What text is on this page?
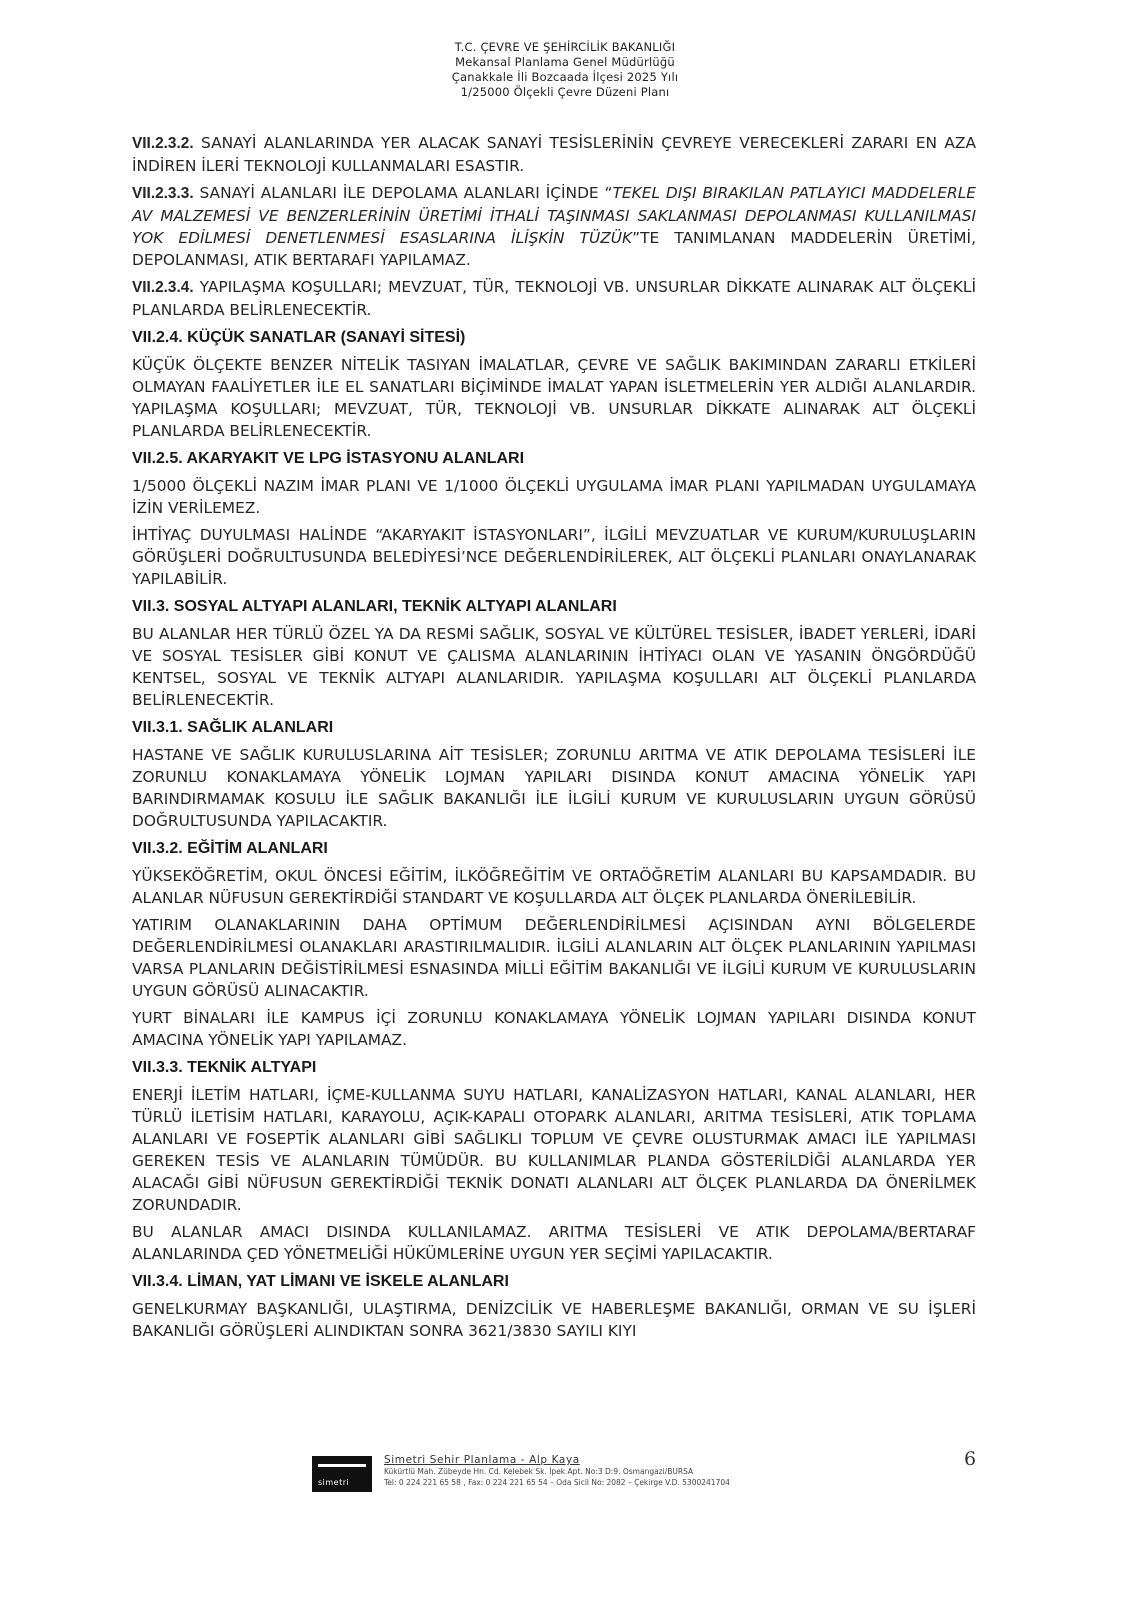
T.C. ÇEVRE VE ŞEHİRCİLİK BAKANLIĞI
Mekansal Planlama Genel Müdürlüğü
Çanakkale İli Bozcaada İlçesi 2025 Yılı
1/25000 Ölçekli Çevre Düzeni Planı

VII.2.3.2. SANAYİ ALANLARINDA YER ALACAK SANAYİ TESİSLERİNİN ÇEVREYE VERECEKLERİ ZARARI EN AZA İNDİREN İLERİ TEKNOLOJİ KULLANMALARI ESASTIR.

VII.2.3.3. SANAYİ ALANLARI İLE DEPOLAMA ALANLARI İÇİNDE “TEKEL DIŞI BIRAKILAN PATLAYICI MADDELERLE AV MALZEMESİ VE BENZERLERİNİN ÜRETİMİ İTHALİ TAŞINMASI SAKLANMASI DEPOLANMASI KULLANILMASI YOK EDİLMESİ DENETLENMESİ ESASLARINA İLİŞKİN TÜZÜK”TE TANIMLANAN MADDELERİN ÜRETİMİ, DEPOLANMASI, ATIK BERTARAFI YAPILAMAZ.

VII.2.3.4. YAPILAŞMA KOŞULLARI; MEVZUAT, TÜR, TEKNOLOJİ VB. UNSURLAR DİKKATE ALINARAK ALT ÖLÇEKLİ PLANLARDA BELİRLENECEKTİR.

VII.2.4. KÜÇÜK SANATLAR (SANAYİ SİTESİ)

KÜÇÜK ÖLÇEKTE BENZER NİTELİK TASIYAN İMALATLAR, ÇEVRE VE SAĞLIK BAKIMINDAN ZARARLI ETKİLERİ OLMAYAN FAALİYETLER İLE EL SANATLARI BİÇİMİNDE İMALAT YAPAN İSLETMELERİN YER ALDIĞI ALANLARDIR. YAPILAŞMA KOŞULLARI; MEVZUAT, TÜR, TEKNOLOJİ VB. UNSURLAR DİKKATE ALINARAK ALT ÖLÇEKLİ PLANLARDA BELİRLENECEKTİR.

VII.2.5. AKARYAKIT VE LPG İSTASYONU ALANLARI

1/5000 ÖLÇEKLİ NAZIM İMAR PLANI VE 1/1000 ÖLÇEKLİ UYGULAMA İMAR PLANI YAPILMADAN UYGULAMAYA İZİN VERİLEMEZ.

İHTİYAÇ DUYULMASI HALİNDE “AKARYAKIT İSTASYONLARI”, İLGİLİ MEVZUATLAR VE KURUM/KURULUŞLARIN GÖRÜŞLERİ DOĞRULTUSUNDA BELEDİYESİ’NCE DEĞERLENDİRİLEREK, ALT ÖLÇEKLİ PLANLARI ONAYLANARAK YAPILABİLİR.

VII.3. SOSYAL ALTYAPI ALANLARI, TEKNİK ALTYAPI ALANLARI

BU ALANLAR HER TÜRLÜ ÖZEL YA DA RESMİ SAĞLIK, SOSYAL VE KÜLTÜREL TESİSLER, İBADET YERLERİ, İDARİ VE SOSYAL TESİSLER GİBİ KONUT VE ÇALISMA ALANLARININ İHTİYACI OLAN VE YASANIN ÖNGÖRDÜĞÜ KENTSEL, SOSYAL VE TEKNİK ALTYAPI ALANLARIDIR. YAPILAŞMA KOŞULLARI ALT ÖLÇEKLİ PLANLARDA BELİRLENECEKTİR.

VII.3.1. SAĞLIK ALANLARI

HASTANE VE SAĞLIK KURULUSLARINA AİT TESİSLER; ZORUNLU ARITMA VE ATIK DEPOLAMA TESİSLERİ İLE ZORUNLU KONAKLAMAYA YÖNELİK LOJMAN YAPILARI DISINDA KONUT AMACINA YÖNELİK YAPI BARINDIRMAMAK KOSULU İLE SAĞLIK BAKANLIĞI İLE İLGİLİ KURUM VE KURULUSLARIN UYGUN GÖRÜSÜ DOĞRULTUSUNDA YAPILACAKTIR.

VII.3.2. EĞİTİM ALANLARI

YÜKSEKÖĞRETİM, OKUL ÖNCESİ EĞİTİM, İLKÖĞREĞİTİM VE ORTAÖĞRETİM ALANLARI BU KAPSAMDADIR. BU ALANLAR NÜFUSUN GEREKTİRDİĞİ STANDART VE KOŞULLARDA ALT ÖLÇEK PLANLARDA ÖNERİLEBİLİR.

YATIRIM OLANAKLARININ DAHA OPTİMUM DEĞERLENDİRİLMESİ AÇISINDAN AYNI BÖLGELERDE DEĞERLENDİRİLMESİ OLANAKLARI ARASTIRILMALIDIR. İLGİLİ ALANLARIN ALT ÖLÇEK PLANLARININ YAPILMASI VARSA PLANLARIN DEĞİSTİRİLMESİ ESNASINDA MİLLİ EĞİTİM BAKANLIĞI VE İLGİLİ KURUM VE KURULUSLARIN UYGUN GÖRÜSÜ ALINACAKTIR.

YURT BİNALARI İLE KAMPUS İÇİ ZORUNLU KONAKLAMAYA YÖNELİK LOJMAN YAPILARI DISINDA KONUT AMACINA YÖNELİK YAPI YAPILAMAZ.

VII.3.3. TEKNİK ALTYAPI

ENERJİ İLETİM HATLARI, İÇME-KULLANMA SUYU HATLARI, KANALİZASYON HATLARI, KANAL ALANLARI, HER TÜRLÜ İLETİSİM HATLARI, KARAYOLU, AÇIK-KAPALI OTOPARK ALANLARI, ARITMA TESİSLERİ, ATIK TOPLAMA ALANLARI VE FOSEPTİK ALANLARI GİBİ SAĞLIKLI TOPLUM VE ÇEVRE OLUSTURMAK AMACI İLE YAPILMASI GEREKEN TESİS VE ALANLARIN TÜMÜDÜR. BU KULLANIMLAR PLANDA GÖSTERİLDİĞİ ALANLARDA YER ALACAĞI GİBİ NÜFUSUN GEREKTİRDİĞİ TEKNİK DONATI ALANLARI ALT ÖLÇEK PLANLARDA DA ÖNERİLMEK ZORUNDADIR.

BU ALANLAR AMACI DISINDA KULLANILAMAZ. ARITMA TESİSLERİ VE ATIK DEPOLAMA/BERTARAF ALANLARINDA ÇED YÖNETMELİĞİ HÜKÜMLERİNE UYGUN YER SEÇİMİ YAPILACAKTIR.

VII.3.4. LİMAN, YAT LİMANI VE İSKELE ALANLARI

GENELKURMAY BAŞKANLIĞI, ULAŞTIRMA, DENİZCİLİK VE HABERLEŞME BAKANLIĞI, ORMAN VE SU İŞLERİ BAKANLIĞI GÖRÜŞLERİ ALINDIKTAN SONRA 3621/3830 SAYILI KIYI

simetri
Simetri Sehir Planlama - Alp Kaya
Kükürtlü Mah. Zübeyde Hn. Cd. Kelebek Sk. İpek Apt. No:3 D:9. Osmangazi/BURSA
Tel: 0 224 221 65 58 , Fax: 0 224 221 65 54 – Oda Sicil No: 2082 – Çekirge V.D. 5300241704
6
